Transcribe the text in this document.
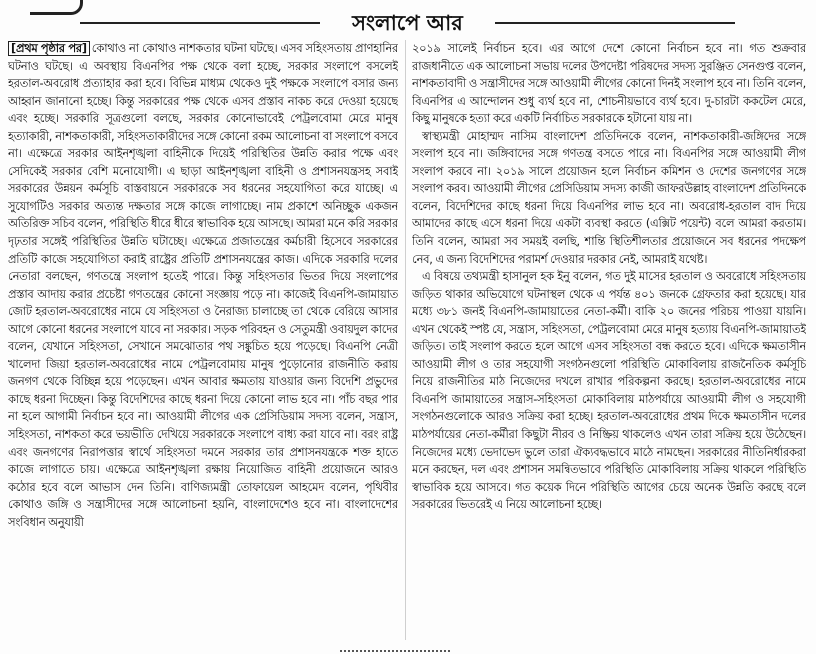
সংলাপে আর

[প্রথম পৃষ্ঠার পর] কোথাও না কোথাও নাশকতার ঘটনা ঘটছে। এসব সহিংসতায় প্রাণহানির ঘটনাও ঘটছে। এ অবস্থায় বিএনপির পক্ষ থেকে বলা হচ্ছে, সরকার সংলাপে বসলেই হরতাল-অবরোধ প্রত্যাহার করা হবে। বিভিন্ন মাধ্যম থেকেও দুই পক্ষকে সংলাপে বসার জন্য আহ্বান জানানো হচ্ছে। কিন্তু সরকারের পক্ষ থেকে এসব প্রস্তাব নাকচ করে দেওয়া হয়েছে এবং হচ্ছে। সরকারি সূত্রগুলো বলছে, সরকার কোনোভাবেই পেট্রলবোমা মেরে মানুষ হত্যাকারী, নাশকতাকারী, সহিংসতাকারীদের সঙ্গে কোনো রকম আলোচনা বা সংলাপে বসবে না। এক্ষেত্রে সরকার আইনশৃঙ্খলা বাহিনীকে দিয়েই পরিস্থিতির উন্নতি করার পক্ষে এবং সেদিকেই সরকার বেশি মনোযোগী। এ ছাড়া আইনশৃঙ্খলা বাহিনী ও প্রশাসনযন্ত্রসহ সবাই সরকারের উন্নয়ন কর্মসূচি বাস্তবায়নে সরকারকে সব ধরনের সহযোগিতা করে যাচ্ছে। এ সুযোগটিও সরকার অত্যন্ত দক্ষতার সঙ্গে কাজে লাগাচ্ছে। নাম প্রকাশে অনিচ্ছুক একজন অতিরিক্ত সচিব বলেন, পরিস্থিতি ধীরে ধীরে স্বাভাবিক হয়ে আসছে। আমরা মনে করি সরকার দৃঢ়তার সঙ্গেই পরিস্থিতির উন্নতি ঘটাচ্ছে। এক্ষেত্রে প্রজাতন্ত্রের কর্মচারী হিসেবে সরকারের প্রতিটি কাজে সহযোগিতা করাই রাষ্ট্রের প্রতিটি প্রশাসনযন্ত্রের কাজ। এদিকে সরকারি দলের নেতারা বলছেন, গণতন্ত্রে সংলাপ হতেই পারে। কিন্তু সহিংসতার ভিতর দিয়ে সংলাপের প্রস্তাব আদায় করার প্রচেষ্টা গণতন্ত্রের কোনো সংজ্ঞায় পড়ে না। কাজেই বিএনপি-জামায়াত জোট হরতাল-অবরোধের নামে যে সহিংসতা ও নৈরাজ্য চালাচ্ছে তা থেকে বেরিয়ে আসার আগে কোনো ধরনের সংলাপে যাবে না সরকার। সড়ক পরিবহন ও সেতুমন্ত্রী ওবায়দুল কাদের বলেন, যেখানে সহিংসতা, সেখানে সমঝোতার পথ সঙ্কুচিত হয়ে পড়েছে। বিএনপি নেত্রী খালেদা জিয়া হরতাল-অবরোধের নামে পেট্রলবোমায় মানুষ পুড়োনোর রাজনীতি করায় জনগণ থেকে বিচ্ছিন্ন হয়ে পড়েছেন। এখন আবার ক্ষমতায় যাওয়ার জন্য বিদেশি প্রভুদের কাছে ধরনা দিচ্ছেন। কিন্তু বিদেশিদের কাছে ধরনা দিয়ে কোনো লাভ হবে না। পাঁচ বছর পার না হলে আগামী নির্বাচন হবে না। আওয়ামী লীগের এক প্রেসিডিয়াম সদস্য বলেন, সন্ত্রাস, সহিংসতা, নাশকতা করে ভয়ভীতি দেখিয়ে সরকারকে সংলাপে বাধ্য করা যাবে না। বরং রাষ্ট্র এবং জনগণের নিরাপত্তার স্বার্থে সহিংসতা দমনে সরকার তার প্রশাসনযন্ত্রকে শক্ত হাতে কাজে লাগাতে চায়। এক্ষেত্রে আইনশৃঙ্খলা রক্ষায় নিয়োজিত বাহিনী প্রয়োজনে আরও কঠোর হবে বলে আভাস দেন তিনি। বাণিজ্যমন্ত্রী তোফায়েল আহমেদ বলেন, পৃথিবীর কোথাও জঙ্গি ও সন্ত্রাসীদের সঙ্গে আলোচনা হয়নি, বাংলাদেশেও হবে না। বাংলাদেশের সংবিধান অনুযায়ী

২০১৯ সালেই নির্বাচন হবে। এর আগে দেশে কোনো নির্বাচন হবে না। গত শুক্রবার রাজধানীতে এক আলোচনা সভায় দলের উপদেষ্টা পরিষদের সদস্য সুরঞ্জিত সেনগুপ্ত বলেন, নাশকতাবাদী ও সন্ত্রাসীদের সঙ্গে আওয়ামী লীগের কোনো দিনই সংলাপ হবে না। তিনি বলেন, বিএনপির এ আন্দোলন শুধু ব্যর্থ হবে না, শোচনীয়ভাবে ব্যর্থ হবে। দু-চারটা ককটেল মেরে, কিছু মানুষকে হত্যা করে একটি নির্বাচিত সরকারকে হটানো যায় না।

স্বাস্থ্যমন্ত্রী মোহাম্মদ নাসিম বাংলাদেশ প্রতিদিনকে বলেন, নাশকতাকারী-জঙ্গিদের সঙ্গে সংলাপ হবে না। জঙ্গিবাদের সঙ্গে গণতন্ত্র বসতে পারে না। বিএনপির সঙ্গে আওয়ামী লীগ সংলাপ করবে না। ২০১৯ সালে প্রয়োজন হলে নির্বাচন কমিশন ও দেশের জনগণের সঙ্গে সংলাপ করব। আওয়ামী লীগের প্রেসিডিয়াম সদস্য কাজী জাফরউল্লাহ বাংলাদেশ প্রতিদিনকে বলেন, বিদেশিদের কাছে ধরনা দিয়ে বিএনপির লাভ হবে না। অবরোধ-হরতাল বাদ দিয়ে আমাদের কাছে এসে ধরনা দিয়ে একটা ব্যবস্থা করতে (এক্সিট পয়েন্ট) বলে আমরা করতাম। তিনি বলেন, আমরা সব সময়ই বলছি, শান্তি স্থিতিশীলতার প্রয়োজনে সব ধরনের পদক্ষেপ নেব, এ জন্য বিদেশিদের পরামর্শ দেওয়ার দরকার নেই, আমরাই যথেষ্ট।

এ বিষয়ে তথ্যমন্ত্রী হাসানুল হক ইনু বলেন, গত দুই মাসের হরতাল ও অবরোধে সহিংসতায় জড়িত থাকার অভিযোগে ঘটনাস্থল থেকে এ পর্যন্ত ৪০১ জনকে গ্রেফতার করা হয়েছে। যার মধ্যে ৩৮১ জনই বিএনপি-জামায়াতের নেতা-কর্মী। বাকি ২০ জনের পরিচয় পাওয়া যায়নি। এখন থেকেই স্পষ্ট যে, সন্ত্রাস, সহিংসতা, পেট্রলবোমা মেরে মানুষ হত্যায় বিএনপি-জামায়াতই জড়িত। তাই সংলাপ করতে হলে আগে এসব সহিংসতা বন্ধ করতে হবে। এদিকে ক্ষমতাসীন আওয়ামী লীগ ও তার সহযোগী সংগঠনগুলো পরিস্থিতি মোকাবিলায় রাজনৈতিক কর্মসূচি নিয়ে রাজনীতির মাঠ নিজেদের দখলে রাখার পরিকল্পনা করছে। হরতাল-অবরোধের নামে বিএনপি জামায়াতের সন্ত্রাস-সহিংসতা মোকাবিলায় মাঠপর্যায়ে আওয়ামী লীগ ও সহযোগী সংগঠনগুলোকে আরও সক্রিয় করা হচ্ছে। হরতাল-অবরোধের প্রথম দিকে ক্ষমতাসীন দলের মাঠপর্যায়ের নেতা-কর্মীরা কিছুটা নীরব ও নিষ্ক্রিয় থাকলেও এখন তারা সক্রিয় হয়ে উঠেছেন। নিজেদের মধ্যে ভেদাভেদ ভুলে তারা ঐক্যবদ্ধভাবে মাঠে নামছেন। সরকারের নীতিনির্ধারকরা মনে করছেন, দল এবং প্রশাসন সমন্বিতভাবে পরিস্থিতি মোকাবিলায় সক্রিয় থাকলে পরিস্থিতি স্বাভাবিক হয়ে আসবে। গত কয়েক দিনে পরিস্থিতি আগের চেয়ে অনেক উন্নতি করছে বলে সরকারের ভিতরেই এ নিয়ে আলোচনা হচ্ছে।
